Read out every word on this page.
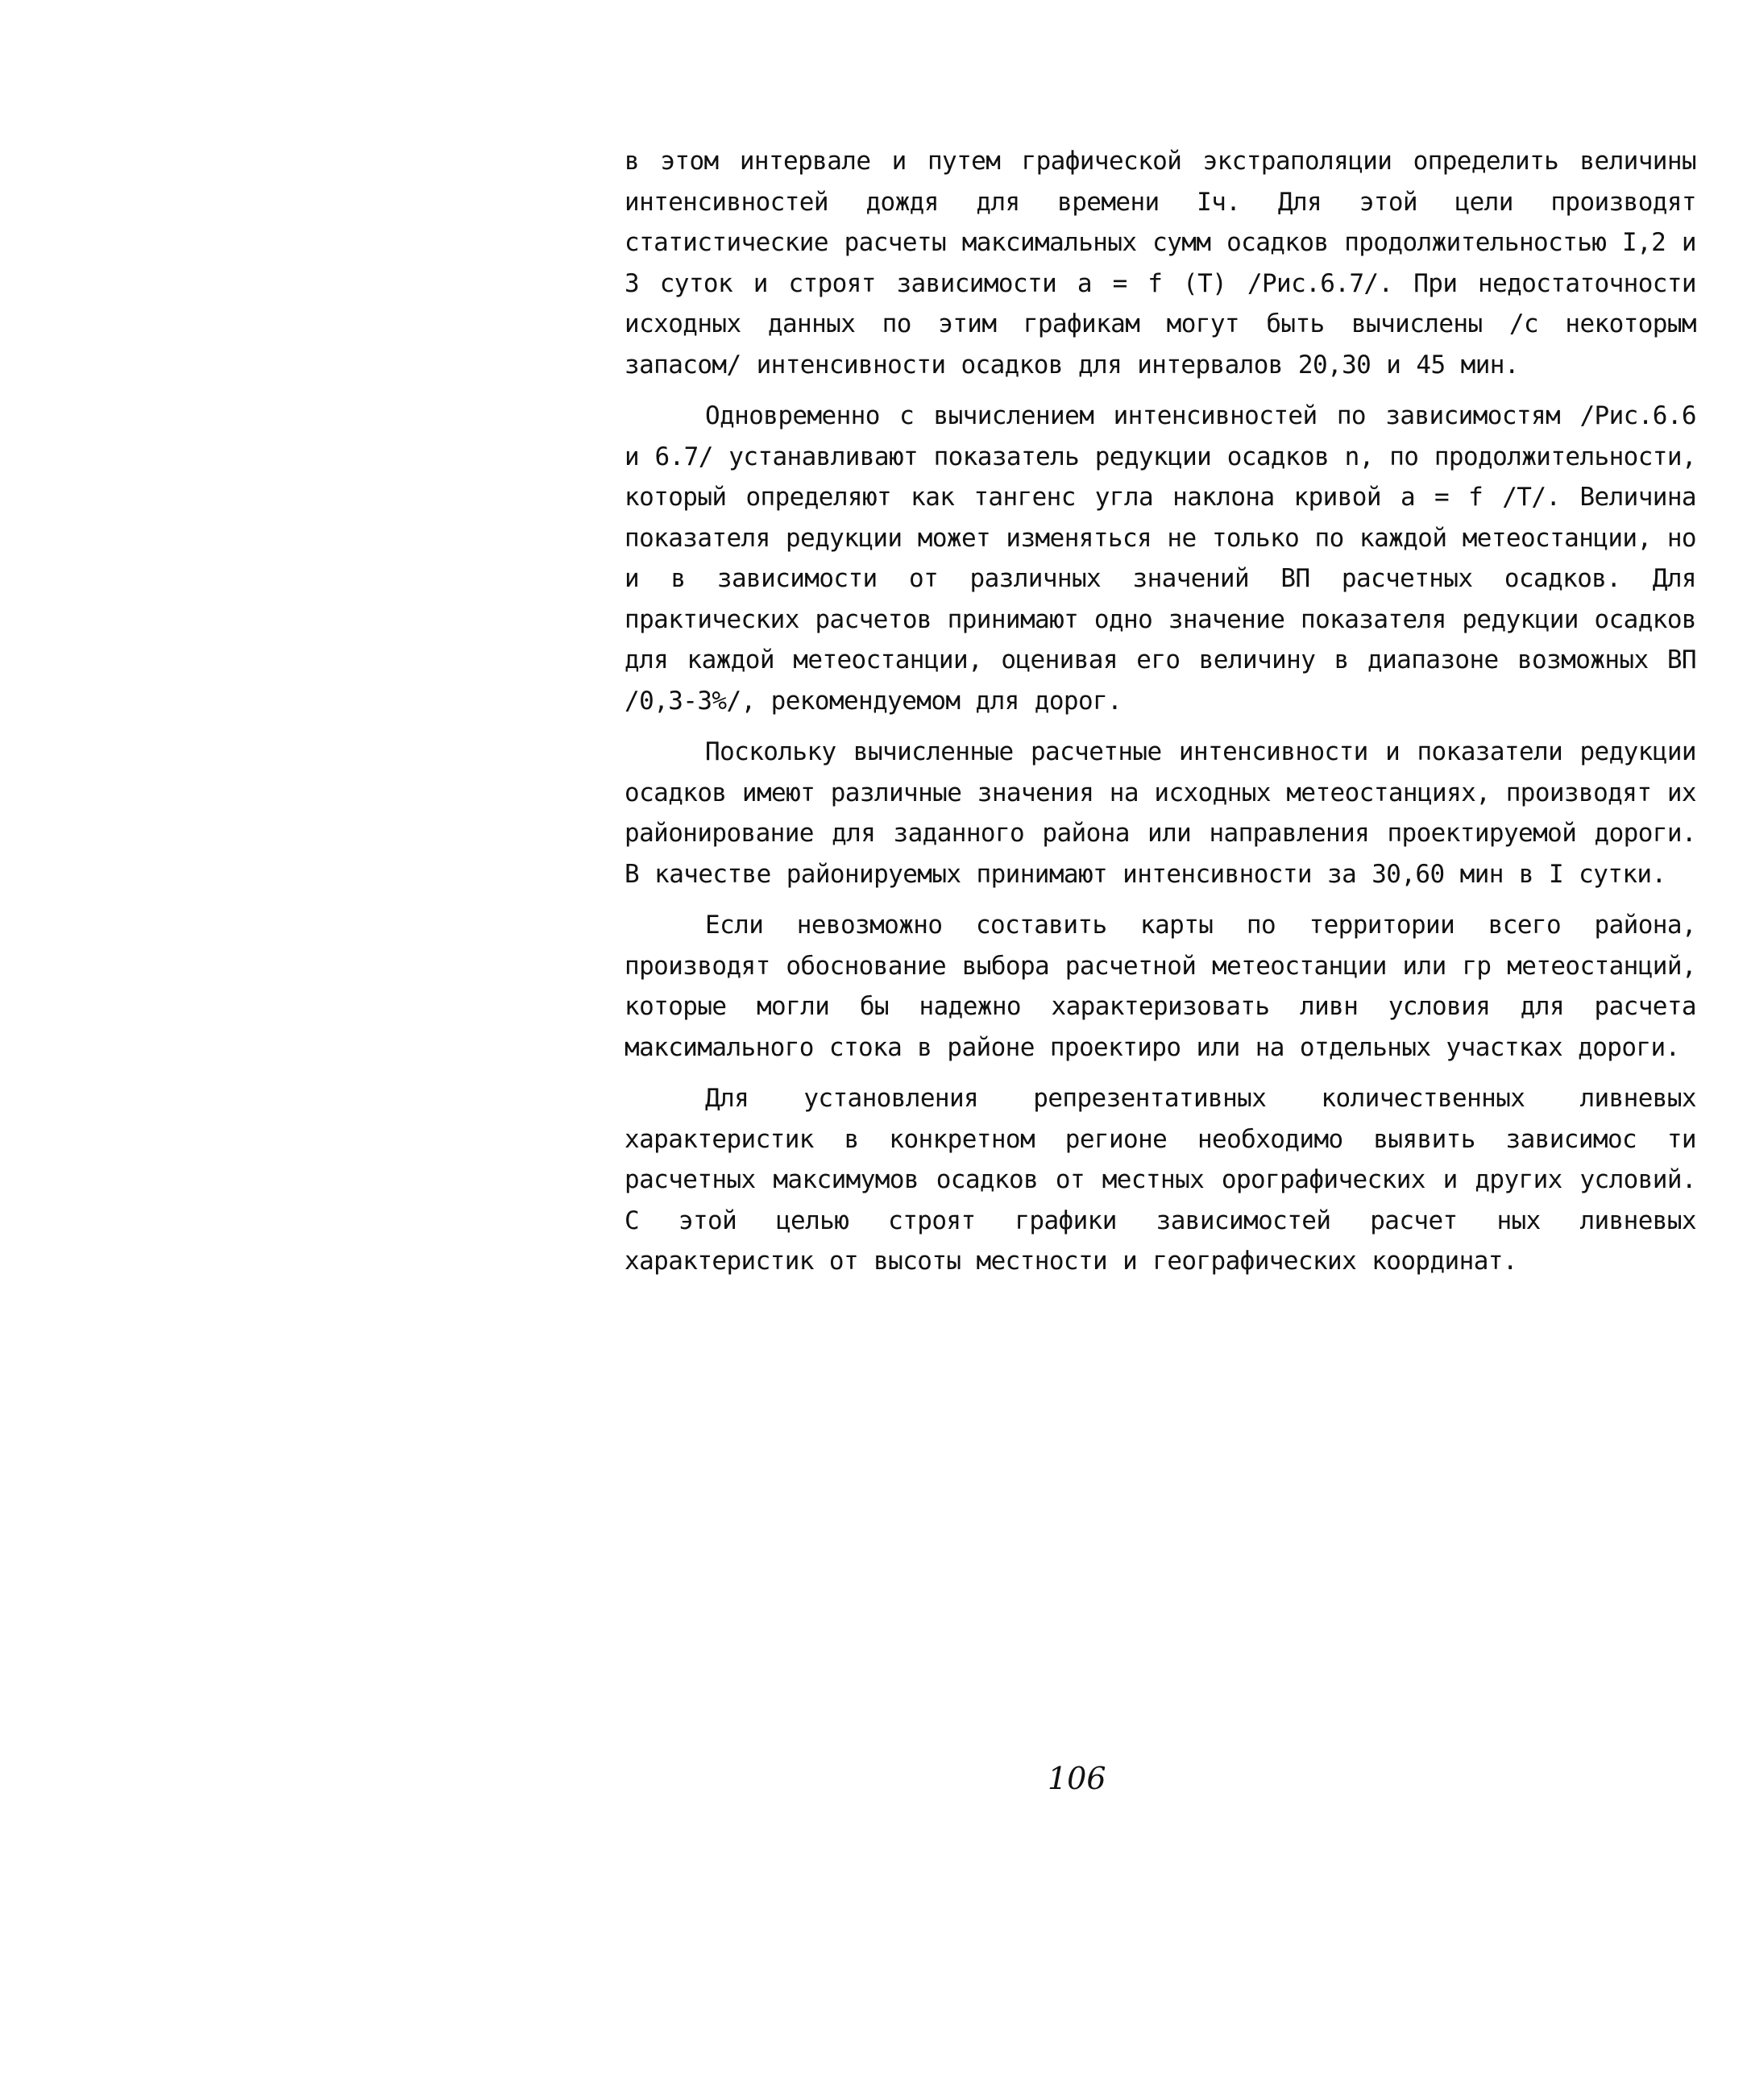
в этом интервале и путем графической экстраполяции определить величины интенсивностей дождя для времени Iч. Для этой цели производят статистические расчеты максимальных сумм осадков продолжительностью I,2 и 3 суток и строят зависимости a = f (T) /Рис.6.7/. При недостаточности исходных данных по этим графикам могут быть вычислены /с некоторым запасом/ интенсивности осадков для интервалов 20,30 и 45 мин.

Одновременно с вычислением интенсивностей по зависимостям /Рис.6.6 и 6.7/ устанавливают показатель редукции осадков n, по продолжительности, который определяют как тангенс угла наклона кривой a = f /T/. Величина показателя редукции может изменяться не только по каждой метеостанции, но и в зависимости от различных значений ВП расчетных осадков. Для практических расчетов принимают одно значение показателя редукции осадков для каждой метеостанции, оценивая его величину в диапазоне возможных ВП /0,3-3%/, рекомендуемом для дорог.

Поскольку вычисленные расчетные интенсивности и показатели редукции осадков имеют различные значения на исходных метеостанциях, производят их районирование для заданного района или направления проектируемой дороги. В качестве районируемых принимают интенсивности за 30,60 мин в I сутки.

Если невозможно составить карты по территории всего района, производят обоснование выбора расчетной метеостанции или гр метеостанций, которые могли бы надежно характеризовать ливн условия для расчета максимального стока в районе проектиро или на отдельных участках дороги.

Для установления репрезентативных количественных ливневых характеристик в конкретном регионе необходимо выявить зависимос ти расчетных максимумов осадков от местных орографических и других условий. С этой целью строят графики зависимостей расчет ных ливневых характеристик от высоты местности и географических координат.

106
